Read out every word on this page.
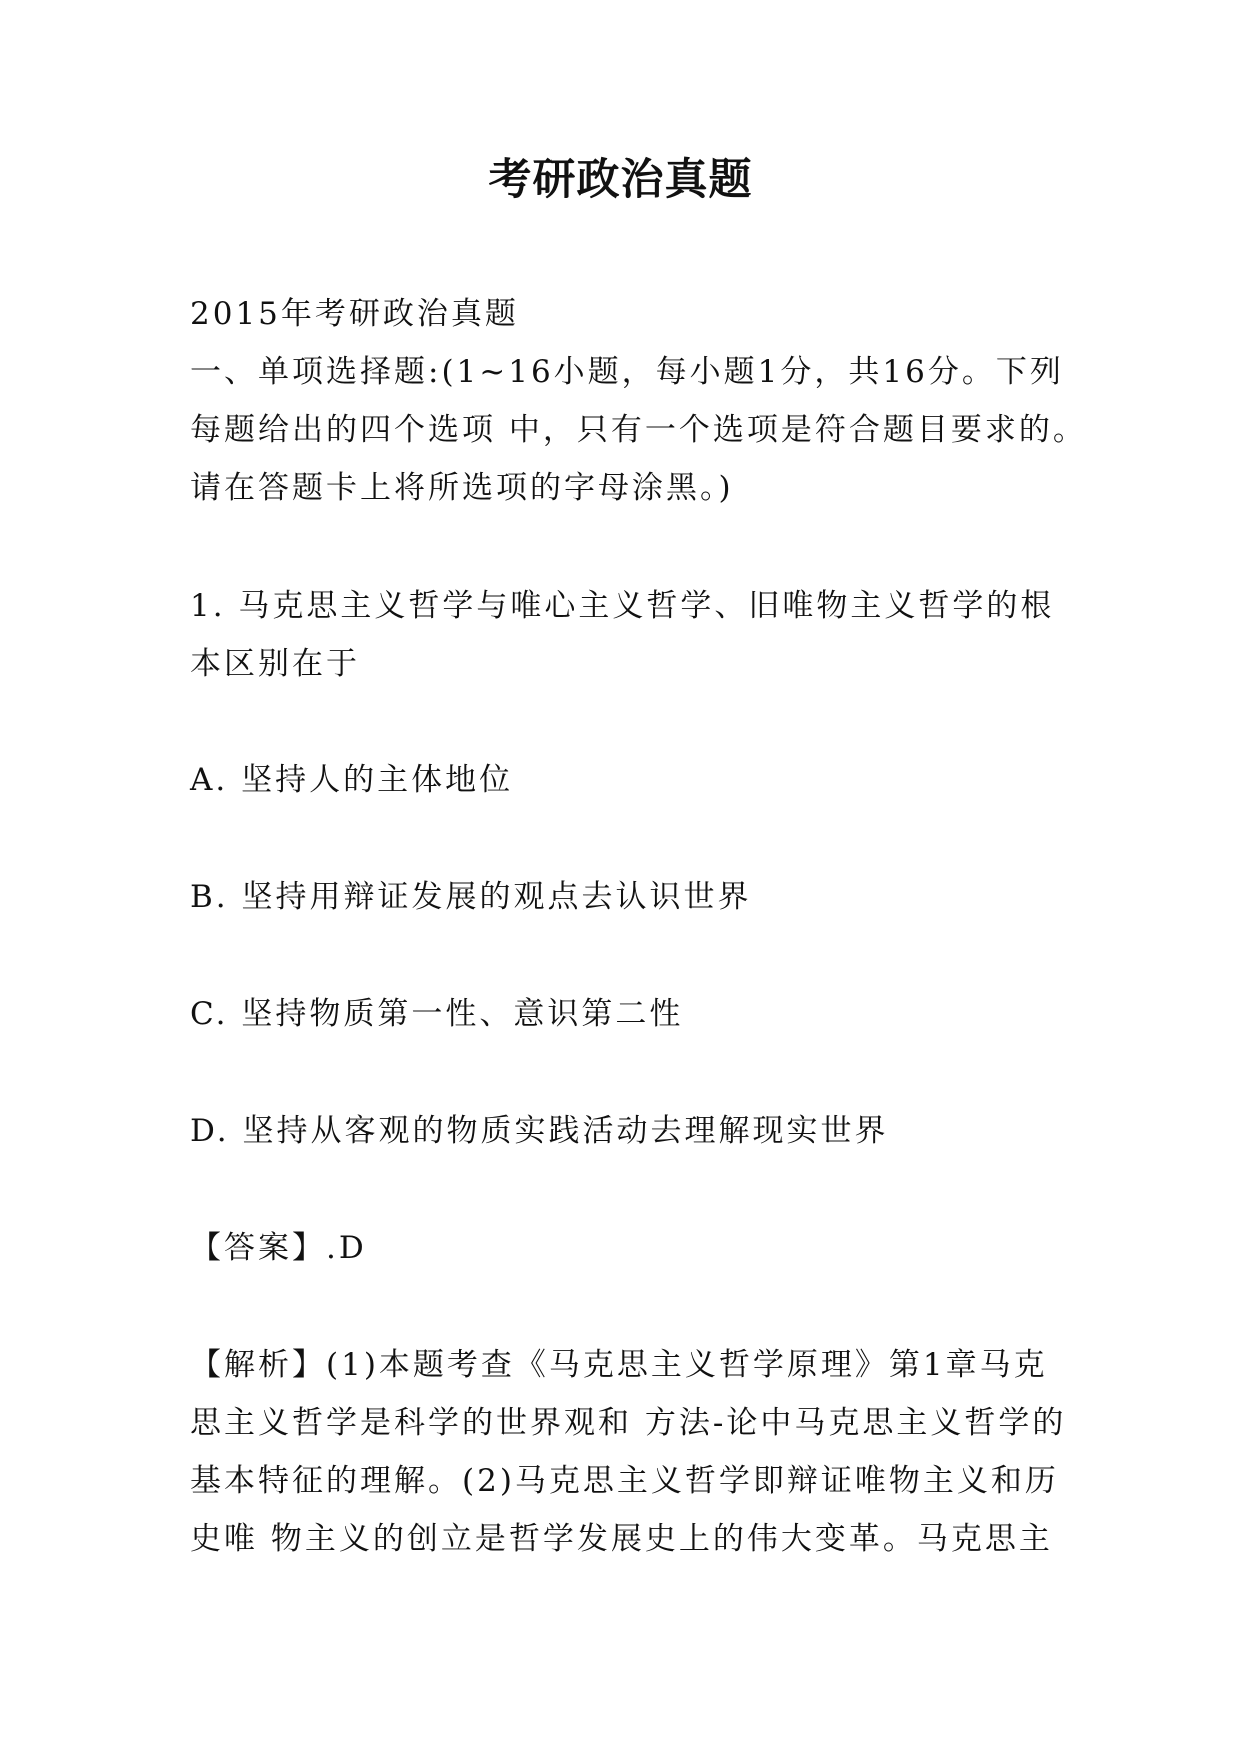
考研政治真题
2015年考研政治真题
一、单项选择题:(1~16小题，每小题1分，共16分。下列
每题给出的四个选项 中，只有一个选项是符合题目要求的。
请在答题卡上将所选项的字母涂黑。)
1. 马克思主义哲学与唯心主义哲学、旧唯物主义哲学的根
本区别在于
A. 坚持人的主体地位
B. 坚持用辩证发展的观点去认识世界
C. 坚持物质第一性、意识第二性
D. 坚持从客观的物质实践活动去理解现实世界
【答案】.D
【解析】(1)本题考查《马克思主义哲学原理》第1章马克
思主义哲学是科学的世界观和 方法-论中马克思主义哲学的
基本特征的理解。(2)马克思主义哲学即辩证唯物主义和历
史唯 物主义的创立是哲学发展史上的伟大变革。马克思主
